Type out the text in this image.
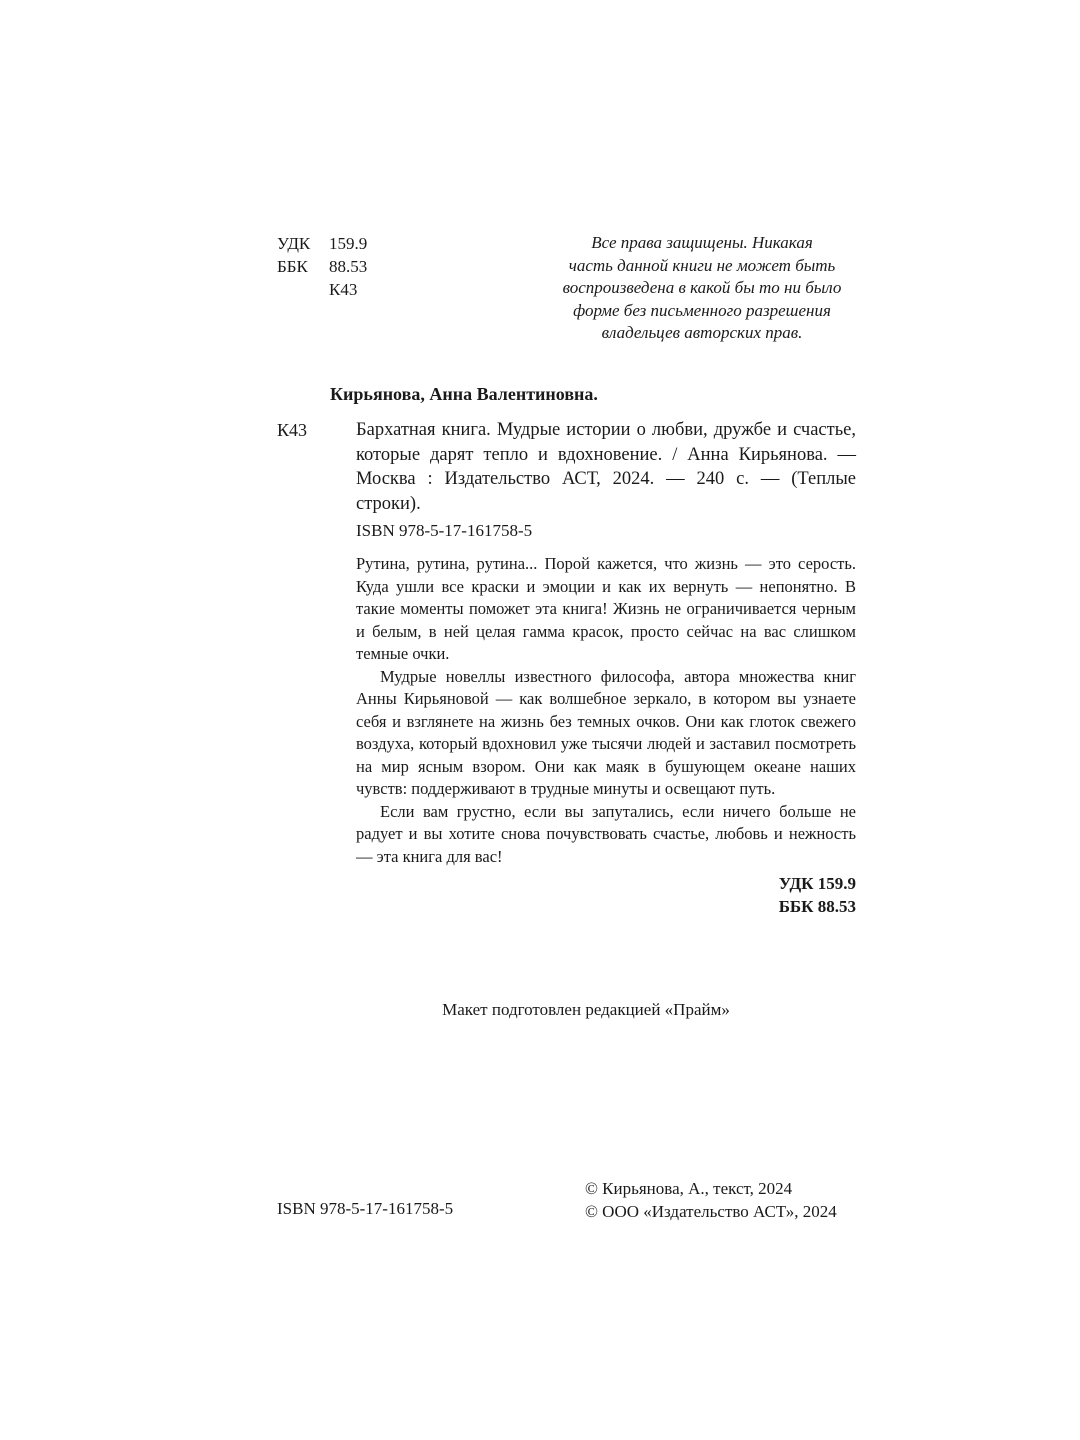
УДК	159.9
ББК	88.53
К43
Все права защищены. Никакая
часть данной книги не может быть
воспроизведена в какой бы то ни было
форме без письменного разрешения
владельцев авторских прав.
Кирьянова, Анна Валентиновна.
К43	Бархатная книга. Мудрые истории о любви, дружбе и счастье, которые дарят тепло и вдохновение. / Анна Кирьянова. — Москва : Издательство АСТ, 2024. — 240 с. — (Теплые строки).
ISBN 978-5-17-161758-5

Рутина, рутина, рутина... Порой кажется, что жизнь — это серость. Куда ушли все краски и эмоции и как их вернуть — непонятно. В такие моменты поможет эта книга! Жизнь не ограничивается черным и белым, в ней целая гамма красок, просто сейчас на вас слишком темные очки.

Мудрые новеллы известного философа, автора множества книг Анны Кирьяновой — как волшебное зеркало, в котором вы узнаете себя и взглянете на жизнь без темных очков. Они как глоток свежего воздуха, который вдохновил уже тысячи людей и заставил посмотреть на мир ясным взором. Они как маяк в бушующем океане наших чувств: поддерживают в трудные минуты и освещают путь.

Если вам грустно, если вы запутались, если ничего больше не радует и вы хотите снова почувствовать счастье, любовь и нежность — эта книга для вас!

УДК 159.9
ББК 88.53
Макет подготовлен редакцией «Прайм»
ISBN 978-5-17-161758-5
© Кирьянова, А., текст, 2024
© ООО «Издательство АСТ», 2024
